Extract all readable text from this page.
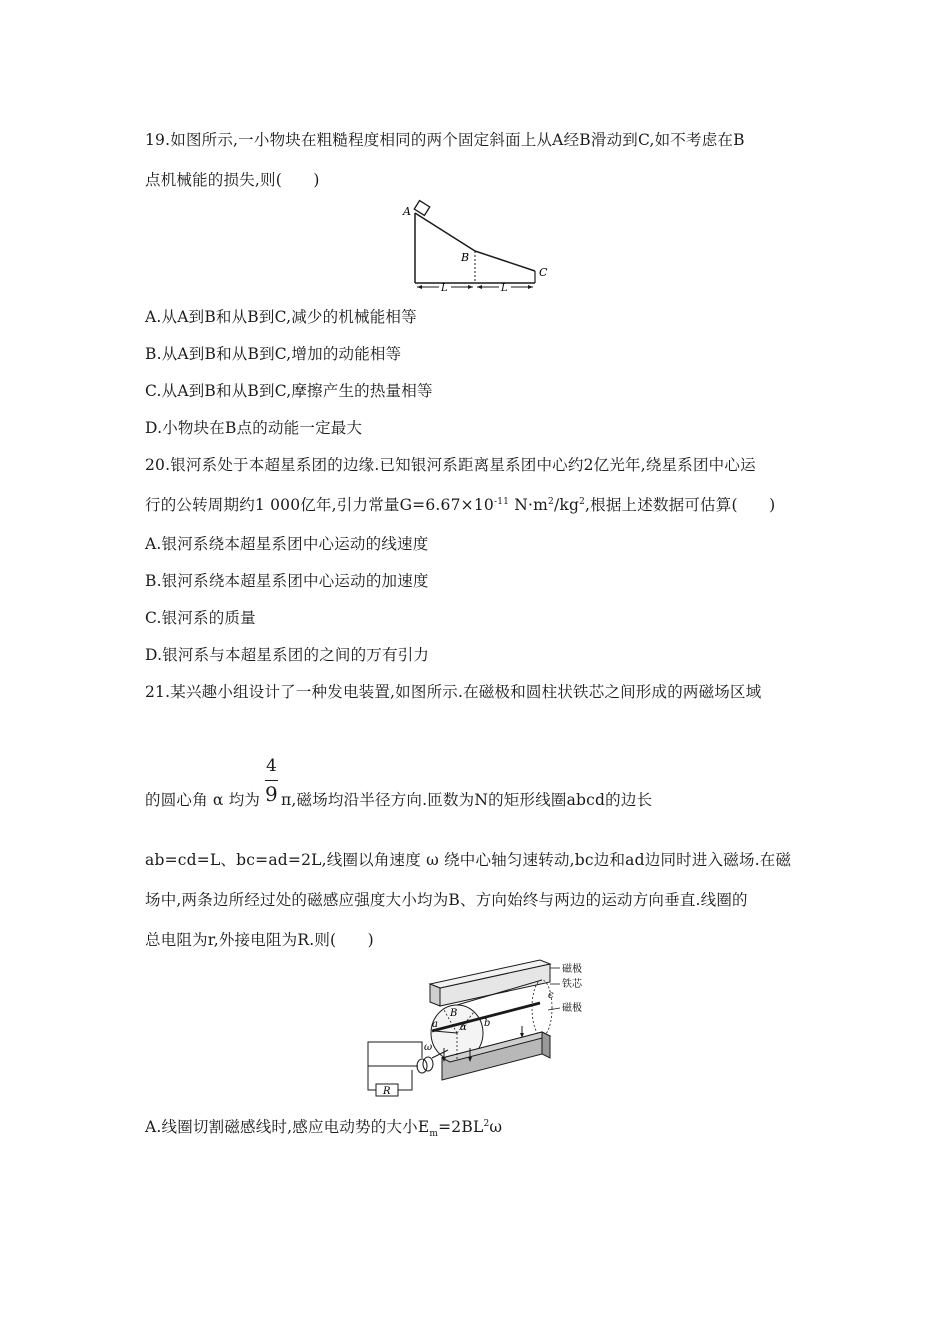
19.如图所示,一小物块在粗糙程度相同的两个固定斜面上从A经B滑动到C,如不考虑在B
点机械能的损失,则(　　)
A
B
C
L	L
A.从A到B和从B到C,减少的机械能相等
B.从A到B和从B到C,增加的动能相等
C.从A到B和从B到C,摩擦产生的热量相等
D.小物块在B点的动能一定最大
20.银河系处于本超星系团的边缘.已知银河系距离星系团中心约2亿光年,绕星系团中心运
行的公转周期约1 000亿年,引力常量$G=6.67\times 10^{-11}$ $N\cdot m^2/kg^2$,根据上述数据可估算(　　)
A.银河系绕本超星系团中心运动的线速度
B.银河系绕本超星系团中心运动的加速度
C.银河系的质量
D.银河系与本超星系团的之间的万有引力
21.某兴趣小组设计了一种发电装置,如图所示.在磁极和圆柱状铁芯之间形成的两磁场区域
4
9
的圆心角 α 均为 π,磁场均沿半径方向.匝数为N的矩形线圈abcd的边长
ab=cd=L、bc=ad=2L,线圈以角速度 ω 绕中心轴匀速转动,bc边和ad边同时进入磁场.在磁
场中,两条边所经过处的磁感应强度大小均为B、方向始终与两边的运动方向垂直.线圈的
总电阻为r,外接电阻为R.则(　　)
磁极
铁芯
磁极
a	b
c
B
α
ω
R
A.线圈切割磁感线时,感应电动势的大小$E_m=2BL^2\omega$
